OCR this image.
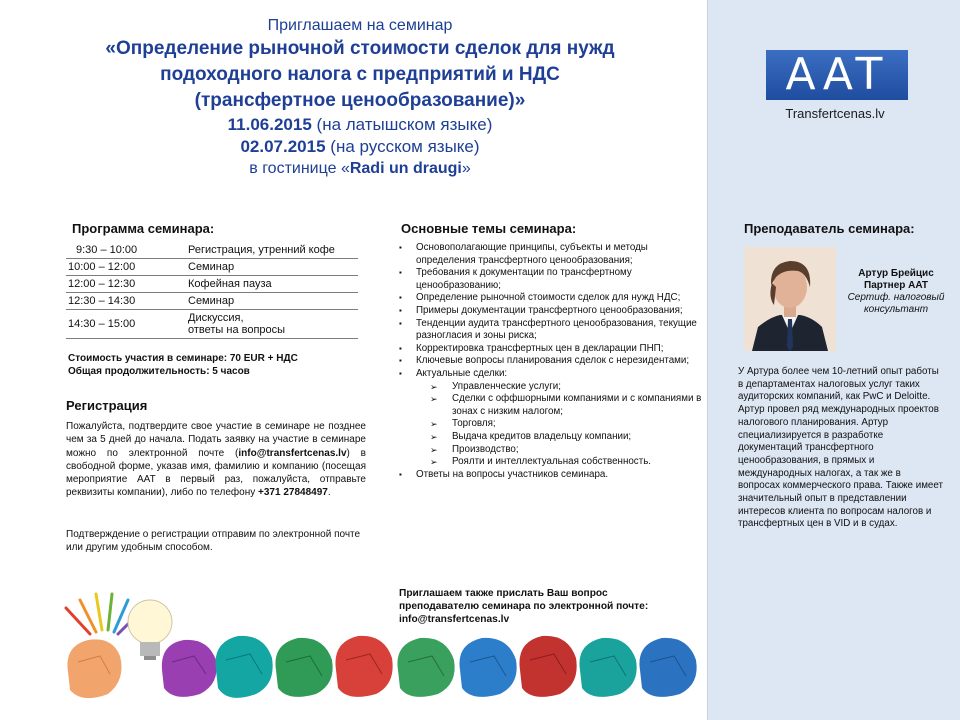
Приглашаем на семинар
«Определение рыночной стоимости сделок для нужд
подоходного налога с предприятий и НДС
(трансфертное ценообразование)»
11.06.2015 (на латышском языке)
02.07.2015 (на русском языке)
в гостинице «Radi un draugi»
AAT
Transfertcenas.lv
Программа семинара:
9:30 – 10:00	Регистрация, утренний кофе
10:00 – 12:00	Семинар
12:00 – 12:30	Кофейная пауза
12:30 – 14:30	Семинар
14:30 – 15:00	Дискуссия,
ответы на вопросы
Стоимость участия в семинаре: 70 EUR + НДС
Общая продолжительность: 5 часов
Регистрация
Пожалуйста, подтвердите свое участие в семинаре не позднее чем за 5 дней до начала. Подать заявку на участие в семинаре можно по электронной почте (info@transfertcenas.lv) в свободной форме, указав имя, фамилию и компанию (посещая мероприятие AAT в первый раз, пожалуйста, отправьте реквизиты компании), либо по телефону +371 27848497.
Подтверждение о регистрации отправим по электронной почте или другим удобным способом.
Основные темы семинара:
▪ Основополагающие принципы, субъекты и методы определения трансфертного ценообразования;
▪ Требования к документации по трансфертному ценообразованию;
▪ Определение рыночной стоимости сделок для нужд НДС;
▪ Примеры документации трансфертного ценообразования;
▪ Тенденции аудита трансфертного ценообразования, текущие разногласия и зоны риска;
▪ Корректировка трансфертных цен в декларации ПНП;
▪ Ключевые вопросы планирования сделок с нерезидентами;
▪ Актуальные сделки:
➢ Управленческие услуги;
➢ Сделки с оффшорными компаниями и с компаниями в зонах с низким налогом;
➢ Торговля;
➢ Выдача кредитов владельцу компании;
➢ Производство;
➢ Роялти и интеллектуальная собственность.
▪ Ответы на вопросы участников семинара.
Приглашаем также прислать Ваш вопрос
преподавателю семинара по электронной почте:
info@transfertcenas.lv
Преподаватель семинара:
Артур Брейцис
Партнер AAT
Сертиф. налоговый консультант
У Артура более чем 10-летний опыт работы в департаментах налоговых услуг таких аудиторских компаний, как PwC и Deloitte. Артур провел ряд международных проектов налогового планирования. Артур специализируется в разработке документаций трансфертного ценообразования, в прямых и международных налогах, а так же в вопросах коммерческого права. Также имеет значительный опыт в представлении интересов клиента по вопросам налогов и трансфертных цен в VID и в судах.
